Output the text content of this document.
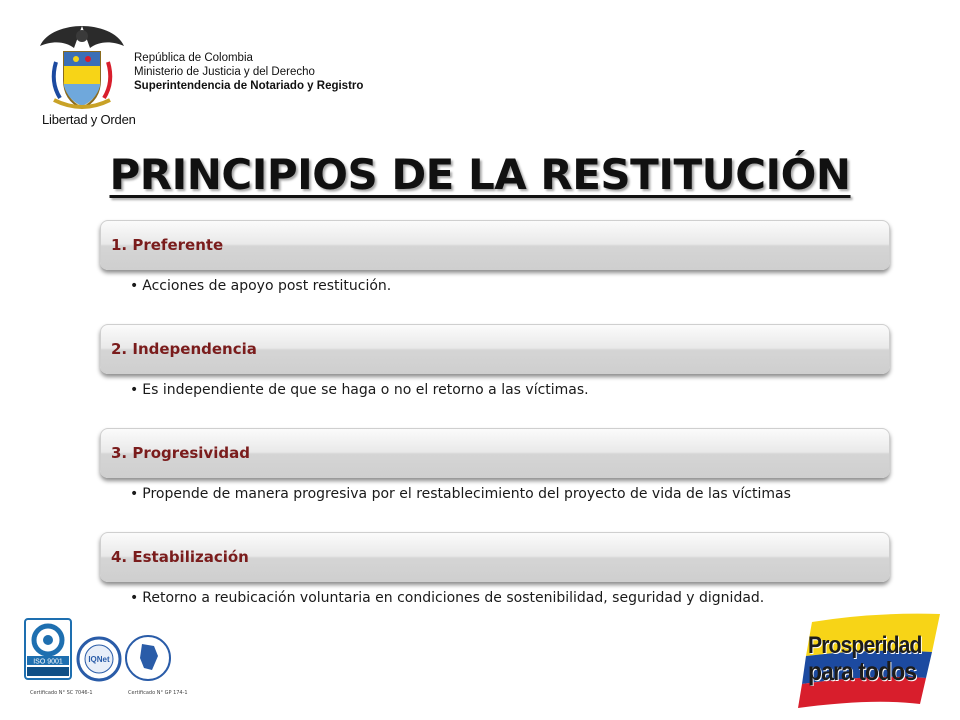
Libertad y Orden
República de Colombia
Ministerio de Justicia y del Derecho
Superintendencia de Notariado y Registro
PRINCIPIOS DE LA RESTITUCIÓN
1. Preferente
• Acciones de apoyo post restitución.
2. Independencia
• Es independiente de que se haga o no el retorno a las víctimas.
3. Progresividad
• Propende de manera progresiva por el restablecimiento del proyecto de vida de las víctimas
4. Estabilización
• Retorno a reubicación voluntaria en condiciones de sostenibilidad, seguridad y dignidad.
ISO 9001	IQNet
Certificado N° SC 7046-1	Certificado N° GP 174-1
Prosperidad
para todos
